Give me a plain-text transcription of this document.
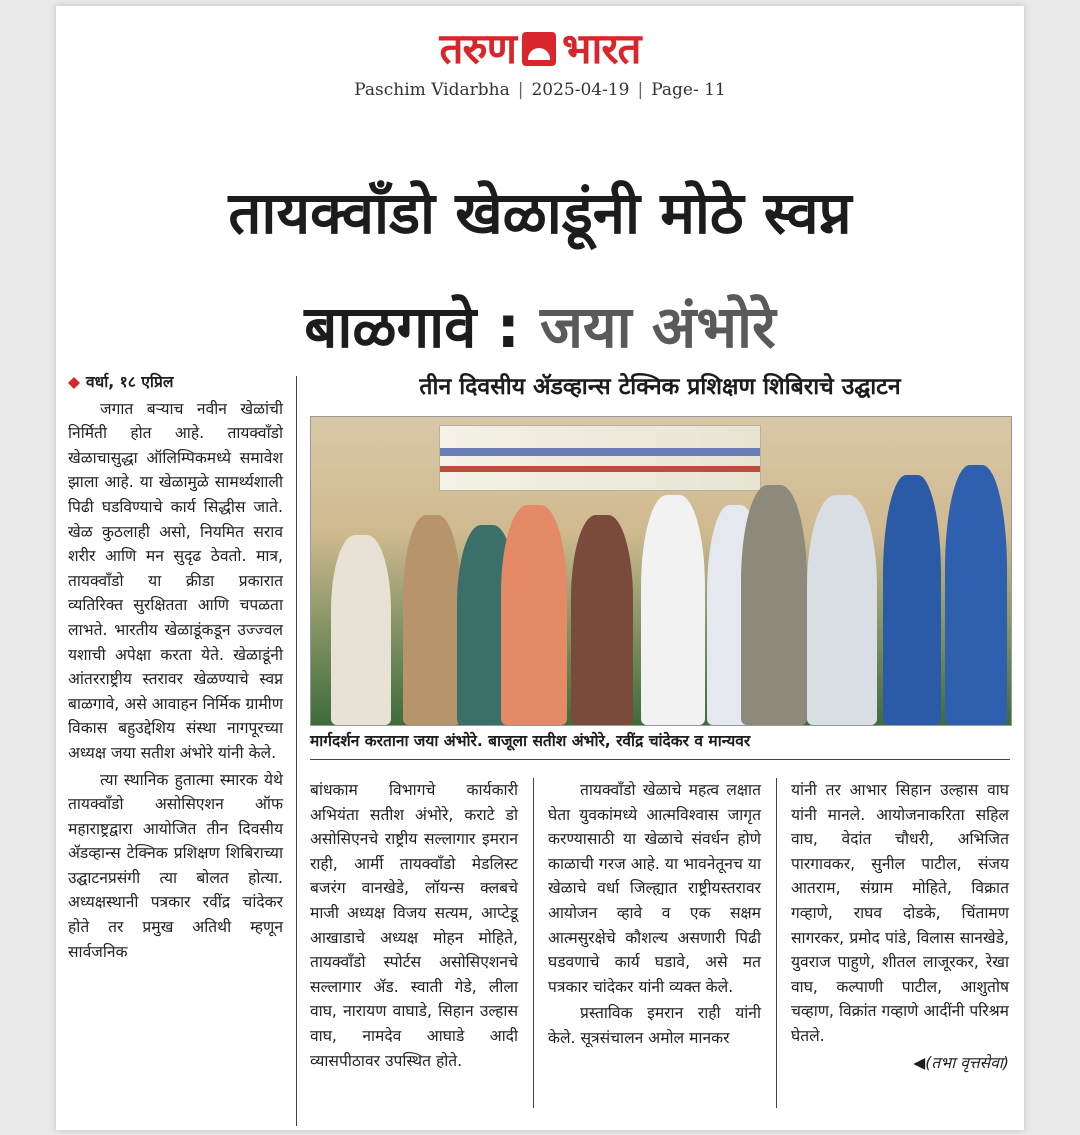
तरुण भारत
Paschim Vidarbha | 2025-04-19 | Page- 11
तायक्वाँडो खेळाडूंनी मोठे स्वप्न
बाळगावे : जया अंभोरे

◆ वर्धा, १८ एप्रिल

जगात बऱ्याच नवीन खेळांची निर्मिती होत आहे. तायक्वाँडो खेळाचासुद्धा ऑलिम्पिकमध्ये समावेश झाला आहे. या खेळामुळे सामर्थ्यशाली पिढी घडविण्याचे कार्य सिद्धीस जाते. खेळ कुठलाही असो, नियमित सराव शरीर आणि मन सुदृढ ठेवतो. मात्र, तायक्वाँडो या क्रीडा प्रकारात व्यतिरिक्त सुरक्षितता आणि चपळता लाभते. भारतीय खेळाडूंकडून उज्ज्वल यशाची अपेक्षा करता येते. खेळाडूंनी आंतरराष्ट्रीय स्तरावर खेळण्याचे स्वप्न बाळगावे, असे आवाहन निर्मिक ग्रामीण विकास बहुउद्देशिय संस्था नागपूरच्या अध्यक्ष जया सतीश अंभोरे यांनी केले.

त्या स्थानिक हुतात्मा स्मारक येथे तायक्वाँडो असोसिएशन ऑफ महाराष्ट्रद्वारा आयोजित तीन दिवसीय ॲडव्हान्स टेक्निक प्रशिक्षण शिबिराच्या उद्घाटनप्रसंगी त्या बोलत होत्या. अध्यक्षस्थानी पत्रकार रवींद्र चांदेकर होते तर प्रमुख अतिथी म्हणून सार्वजनिक

तीन दिवसीय ॲडव्हान्स टेक्निक प्रशिक्षण शिबिराचे उद्घाटन
मार्गदर्शन करताना जया अंभोरे. बाजूला सतीश अंभोरे, रवींद्र चांदेकर व मान्यवर

बांधकाम विभागचे कार्यकारी अभियंता सतीश अंभोरे, कराटे डो असोसिएनचे राष्ट्रीय सल्लागार इमरान राही, आर्मी तायक्वाँडो मेडलिस्ट बजरंग वानखेडे, लॉयन्स क्लबचे माजी अध्यक्ष विजय सत्यम, आप्टेडू आखाडाचे अध्यक्ष मोहन मोहिते, तायक्वाँडो स्पोर्टस असोसिएशनचे सल्लागार ॲड. स्वाती गेडे, लीला वाघ, नारायण वाघाडे, सिहान उल्हास वाघ, नामदेव आघाडे आदी व्यासपीठावर उपस्थित होते.

तायक्वाँडो खेळाचे महत्व लक्षात घेता युवकांमध्ये आत्मविश्वास जागृत करण्यासाठी या खेळाचे संवर्धन होणे काळाची गरज आहे. या भावनेतूनच या खेळाचे वर्धा जिल्ह्यात राष्ट्रीयस्तरावर आयोजन व्हावे व एक सक्षम आत्मसुरक्षेचे कौशल्य असणारी पिढी घडवणाचे कार्य घडावे, असे मत पत्रकार चांदेकर यांनी व्यक्त केले.

प्रस्ताविक इमरान राही यांनी केले. सूत्रसंचालन अमोल मानकर

यांनी तर आभार सिहान उल्हास वाघ यांनी मानले. आयोजनाकरिता सहिल वाघ, वेदांत चौधरी, अभिजित पारगावकर, सुनील पाटील, संजय आतराम, संग्राम मोहिते, विक्रात गव्हाणे, राघव दोडके, चिंतामण सागरकर, प्रमोद पांडे, विलास सानखेडे, युवराज पाहुणे, शीतल लाजूरकर, रेखा वाघ, कल्पाणी पाटील, आशुतोष चव्हाण, विक्रांत गव्हाणे आदींनी परिश्रम घेतले.

◀(तभा वृत्तसेवा)
